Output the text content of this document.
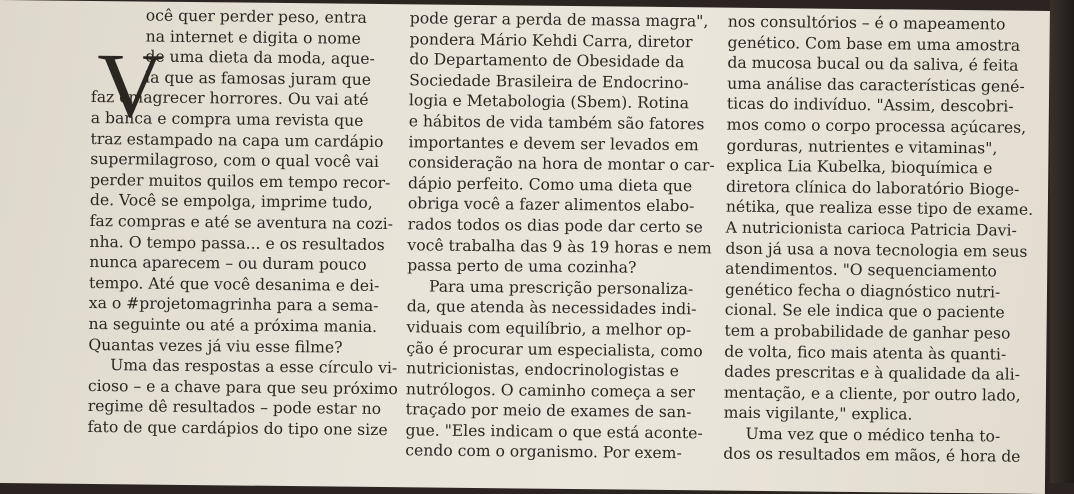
V
ocê quer perder peso, entra
na internet e digita o nome
de uma dieta da moda, aque-
la que as famosas juram que
faz emagrecer horrores. Ou vai até
a banca e compra uma revista que
traz estampado na capa um cardápio
supermilagroso, com o qual você vai
perder muitos quilos em tempo recor-
de. Você se empolga, imprime tudo,
faz compras e até se aventura na cozi-
nha. O tempo passa... e os resultados
nunca aparecem – ou duram pouco
tempo. Até que você desanima e dei-
xa o #projetomagrinha para a sema-
na seguinte ou até a próxima mania.
Quantas vezes já viu esse filme?
Uma das respostas a esse círculo vi-
cioso – e a chave para que seu próximo
regime dê resultados – pode estar no
fato de que cardápios do tipo one size
pode gerar a perda de massa magra",
pondera Mário Kehdi Carra, diretor
do Departamento de Obesidade da
Sociedade Brasileira de Endocrino-
logia e Metabologia (Sbem). Rotina
e hábitos de vida também são fatores
importantes e devem ser levados em
consideração na hora de montar o car-
dápio perfeito. Como uma dieta que
obriga você a fazer alimentos elabo-
rados todos os dias pode dar certo se
você trabalha das 9 às 19 horas e nem
passa perto de uma cozinha?
Para uma prescrição personaliza-
da, que atenda às necessidades indi-
viduais com equilíbrio, a melhor op-
ção é procurar um especialista, como
nutricionistas, endocrinologistas e
nutrólogos. O caminho começa a ser
traçado por meio de exames de san-
gue. "Eles indicam o que está aconte-
cendo com o organismo. Por exem-
nos consultórios – é o mapeamento
genético. Com base em uma amostra
da mucosa bucal ou da saliva, é feita
uma análise das características gené-
ticas do indivíduo. "Assim, descobri-
mos como o corpo processa açúcares,
gorduras, nutrientes e vitaminas",
explica Lia Kubelka, bioquímica e
diretora clínica do laboratório Bioge-
nétika, que realiza esse tipo de exame.
A nutricionista carioca Patricia Davi-
dson já usa a nova tecnologia em seus
atendimentos. "O sequenciamento
genético fecha o diagnóstico nutri-
cional. Se ele indica que o paciente
tem a probabilidade de ganhar peso
de volta, fico mais atenta às quanti-
dades prescritas e à qualidade da ali-
mentação, e a cliente, por outro lado,
mais vigilante," explica.
Uma vez que o médico tenha to-
dos os resultados em mãos, é hora de
